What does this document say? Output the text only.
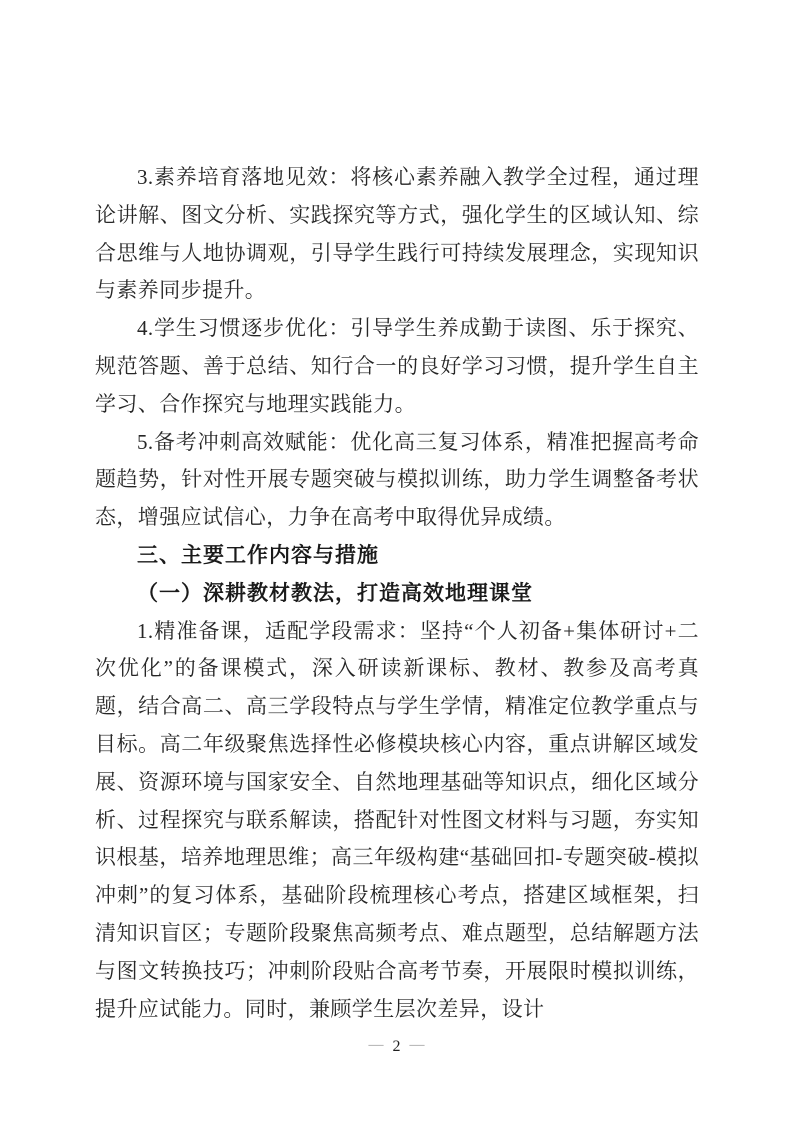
3.素养培育落地见效：将核心素养融入教学全过程，通过理论讲解、图文分析、实践探究等方式，强化学生的区域认知、综合思维与人地协调观，引导学生践行可持续发展理念，实现知识与素养同步提升。

4.学生习惯逐步优化：引导学生养成勤于读图、乐于探究、规范答题、善于总结、知行合一的良好学习习惯，提升学生自主学习、合作探究与地理实践能力。

5.备考冲刺高效赋能：优化高三复习体系，精准把握高考命题趋势，针对性开展专题突破与模拟训练，助力学生调整备考状态，增强应试信心，力争在高考中取得优异成绩。

三、主要工作内容与措施

（一）深耕教材教法，打造高效地理课堂

1.精准备课，适配学段需求：坚持“个人初备+集体研讨+二次优化”的备课模式，深入研读新课标、教材、教参及高考真题，结合高二、高三学段特点与学生学情，精准定位教学重点与目标。高二年级聚焦选择性必修模块核心内容，重点讲解区域发展、资源环境与国家安全、自然地理基础等知识点，细化区域分析、过程探究与联系解读，搭配针对性图文材料与习题，夯实知识根基，培养地理思维；高三年级构建“基础回扣-专题突破-模拟冲刺”的复习体系，基础阶段梳理核心考点，搭建区域框架，扫清知识盲区；专题阶段聚焦高频考点、难点题型，总结解题方法与图文转换技巧；冲刺阶段贴合高考节奏，开展限时模拟训练，提升应试能力。同时，兼顾学生层次差异，设计

— 2 —
